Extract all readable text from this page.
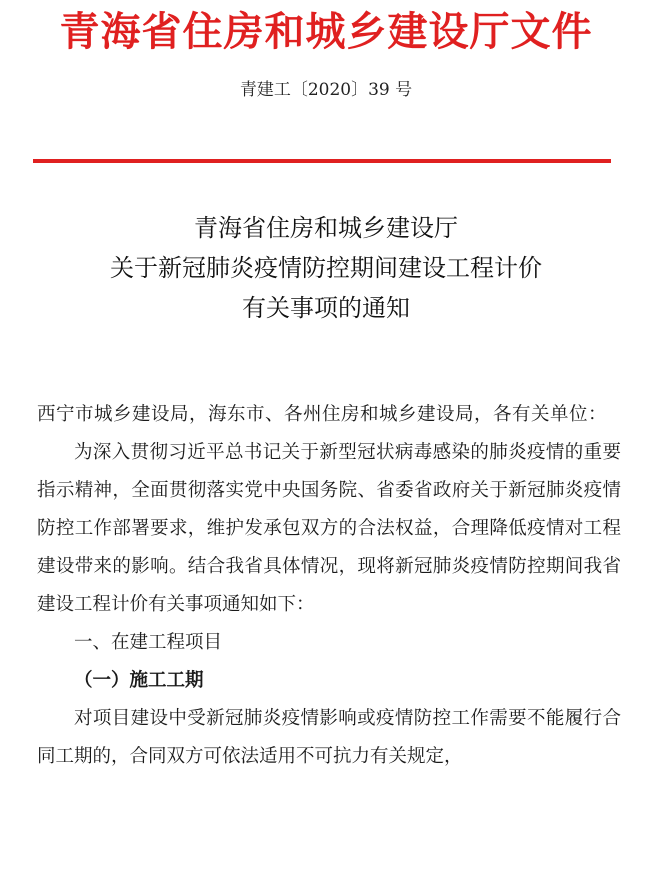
青海省住房和城乡建设厅文件
青建工〔2020〕39 号
青海省住房和城乡建设厅
关于新冠肺炎疫情防控期间建设工程计价
有关事项的通知

西宁市城乡建设局，海东市、各州住房和城乡建设局，各有关单位：

为深入贯彻习近平总书记关于新型冠状病毒感染的肺炎疫情的重要指示精神，全面贯彻落实党中央国务院、省委省政府关于新冠肺炎疫情防控工作部署要求，维护发承包双方的合法权益，合理降低疫情对工程建设带来的影响。结合我省具体情况，现将新冠肺炎疫情防控期间我省建设工程计价有关事项通知如下：

一、在建工程项目

（一）施工工期

对项目建设中受新冠肺炎疫情影响或疫情防控工作需要不能履行合同工期的，合同双方可依法适用不可抗力有关规定，
